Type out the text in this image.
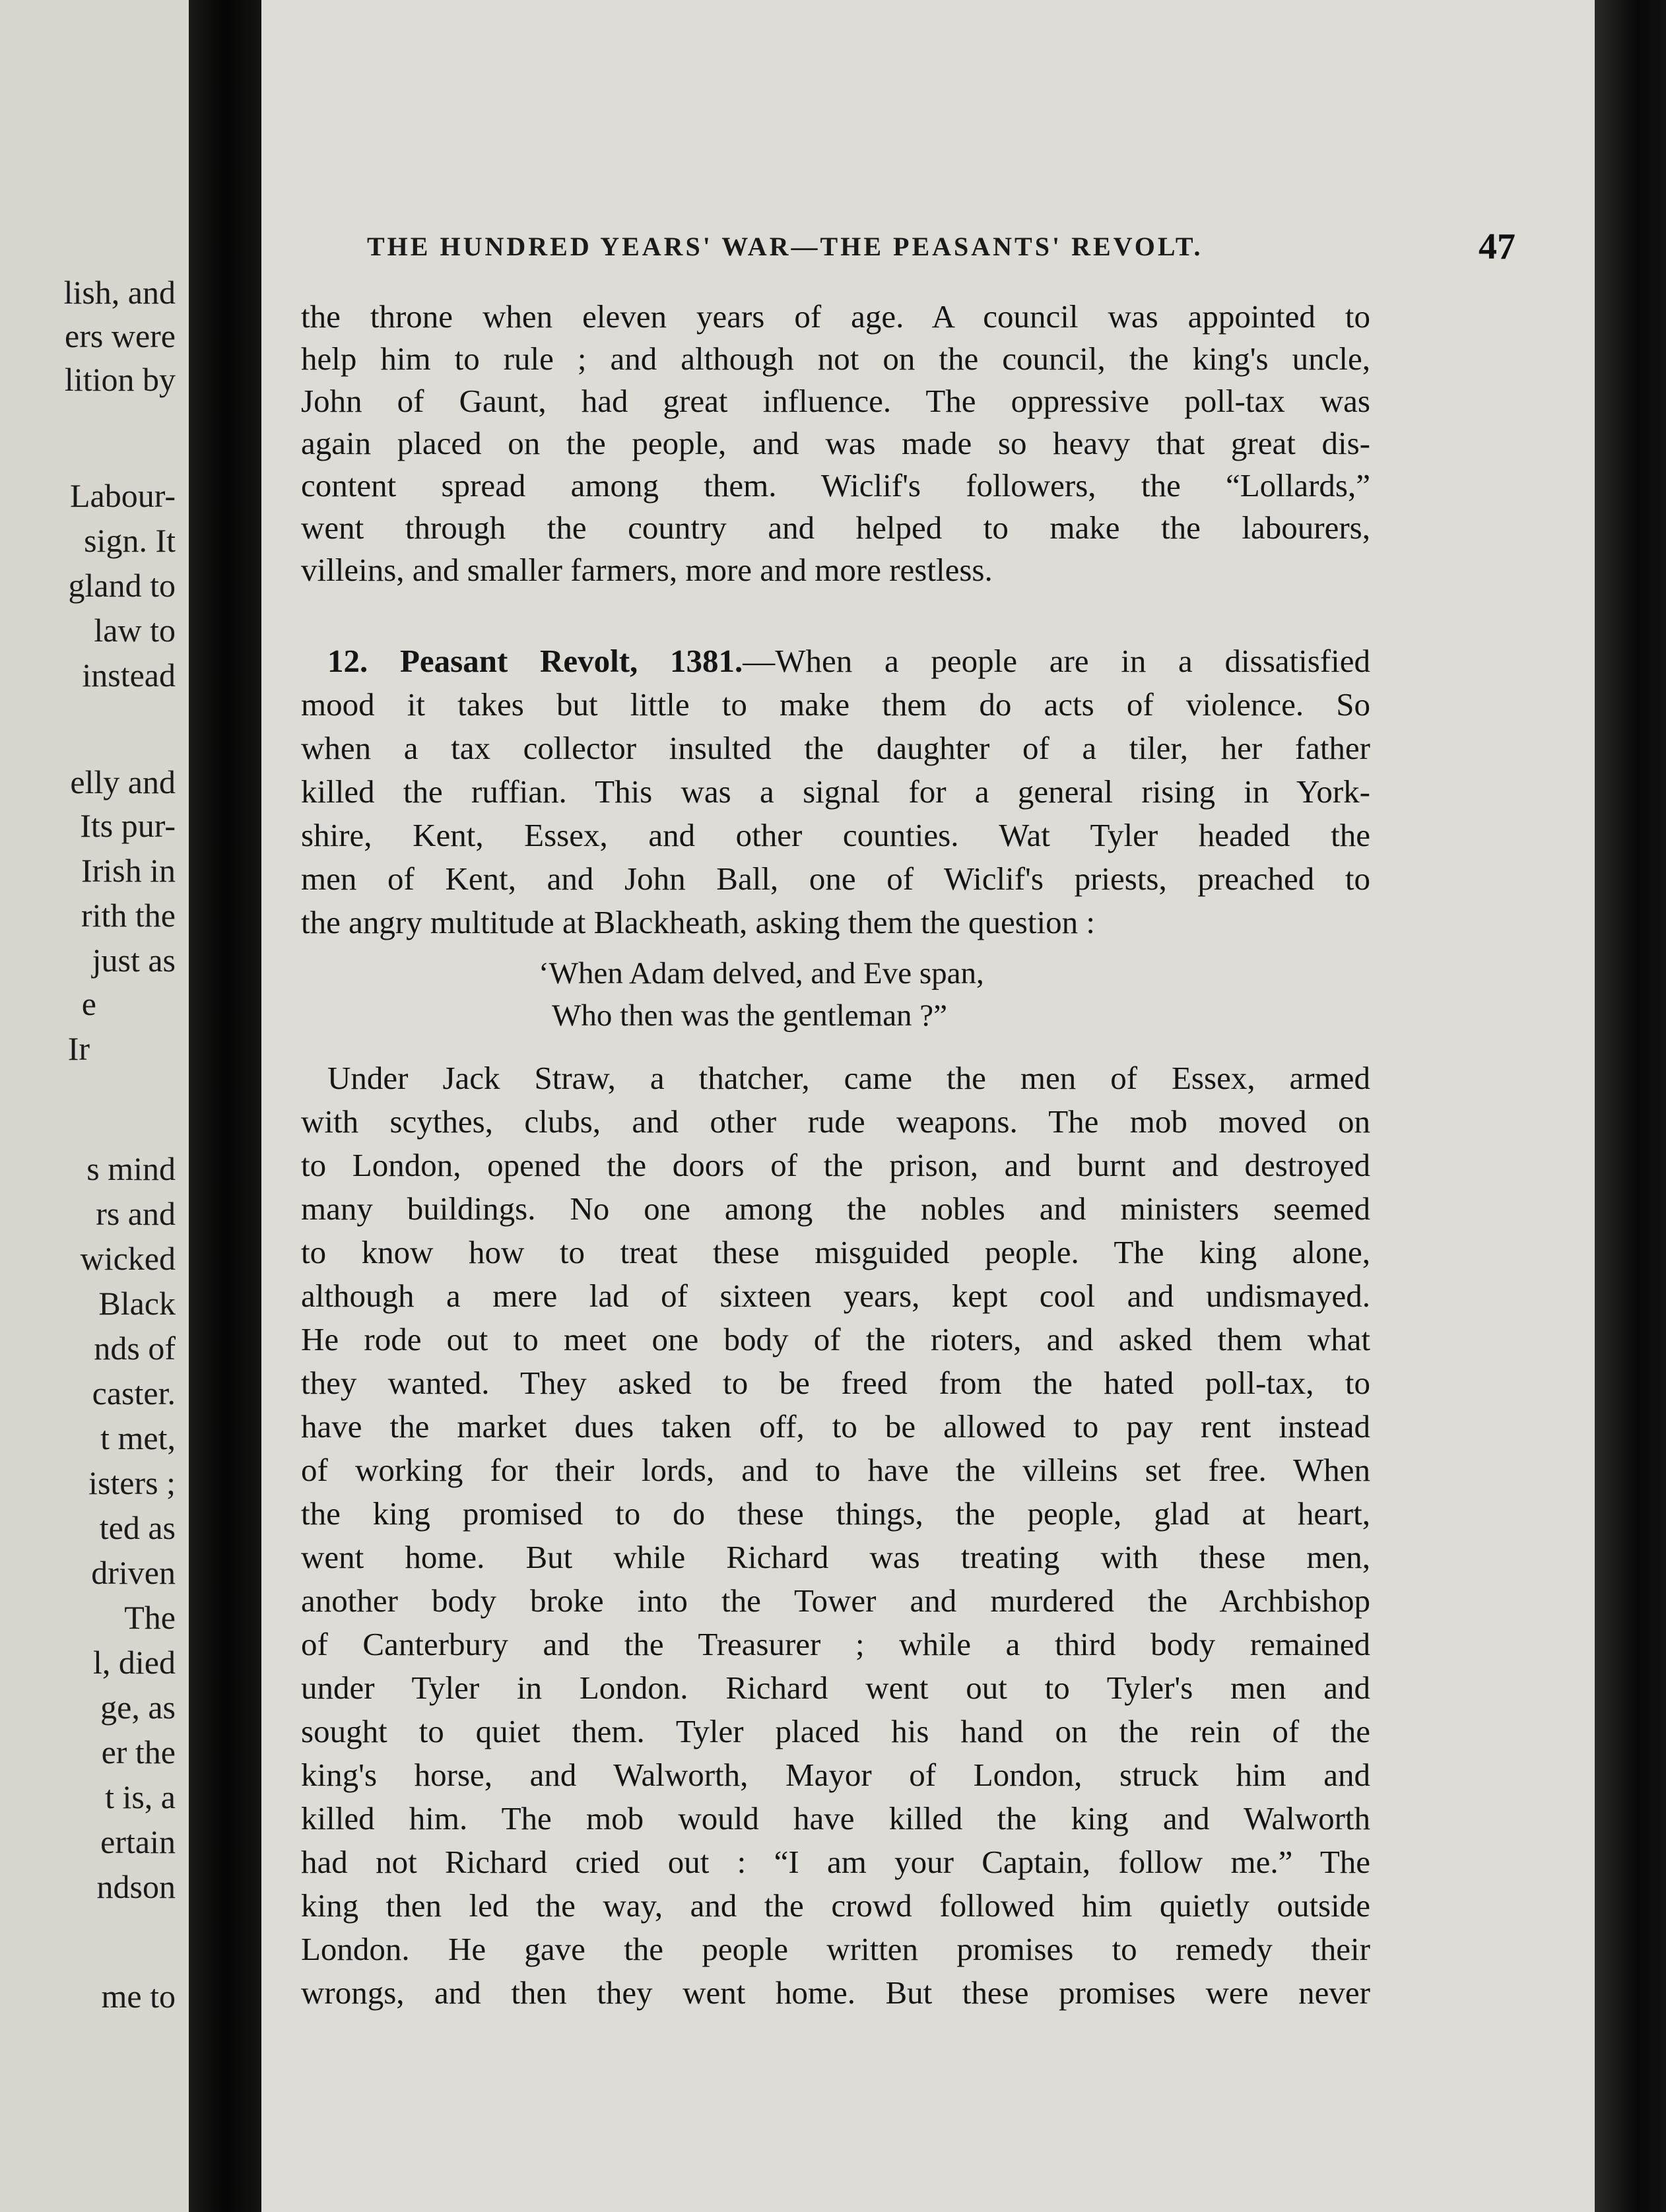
lish, and
ers were
lition by
Labour-
sign. It
gland to
law to
instead
elly and
Its pur-
Irish in
rith the
just as
e
Ir
s mind
rs and
wicked
Black
nds of
caster.
t met,
isters ;
ted as
driven
The
l, died
ge, as
er the
t is, a
ertain
ndson
me to
THE HUNDRED YEARS' WAR—THE PEASANTS' REVOLT.	47
the throne when eleven years of age. A council was appointed to
help him to rule ; and although not on the council, the king's uncle,
John of Gaunt, had great influence. The oppressive poll-tax was
again placed on the people, and was made so heavy that great dis-
content spread among them. Wiclif's followers, the “Lollards,”
went through the country and helped to make the labourers,
villeins, and smaller farmers, more and more restless.
12. Peasant Revolt, 1381.—When a people are in a dissatisfied
mood it takes but little to make them do acts of violence. So
when a tax collector insulted the daughter of a tiler, her father
killed the ruffian. This was a signal for a general rising in York-
shire, Kent, Essex, and other counties. Wat Tyler headed the
men of Kent, and John Ball, one of Wiclif's priests, preached to
the angry multitude at Blackheath, asking them the question :
‘When Adam delved, and Eve span,
Who then was the gentleman ?”
Under Jack Straw, a thatcher, came the men of Essex, armed
with scythes, clubs, and other rude weapons. The mob moved on
to London, opened the doors of the prison, and burnt and destroyed
many buildings. No one among the nobles and ministers seemed
to know how to treat these misguided people. The king alone,
although a mere lad of sixteen years, kept cool and undismayed.
He rode out to meet one body of the rioters, and asked them what
they wanted. They asked to be freed from the hated poll-tax, to
have the market dues taken off, to be allowed to pay rent instead
of working for their lords, and to have the villeins set free. When
the king promised to do these things, the people, glad at heart,
went home. But while Richard was treating with these men,
another body broke into the Tower and murdered the Archbishop
of Canterbury and the Treasurer ; while a third body remained
under Tyler in London. Richard went out to Tyler's men and
sought to quiet them. Tyler placed his hand on the rein of the
king's horse, and Walworth, Mayor of London, struck him and
killed him. The mob would have killed the king and Walworth
had not Richard cried out : “I am your Captain, follow me.” The
king then led the way, and the crowd followed him quietly outside
London. He gave the people written promises to remedy their
wrongs, and then they went home. But these promises were never
